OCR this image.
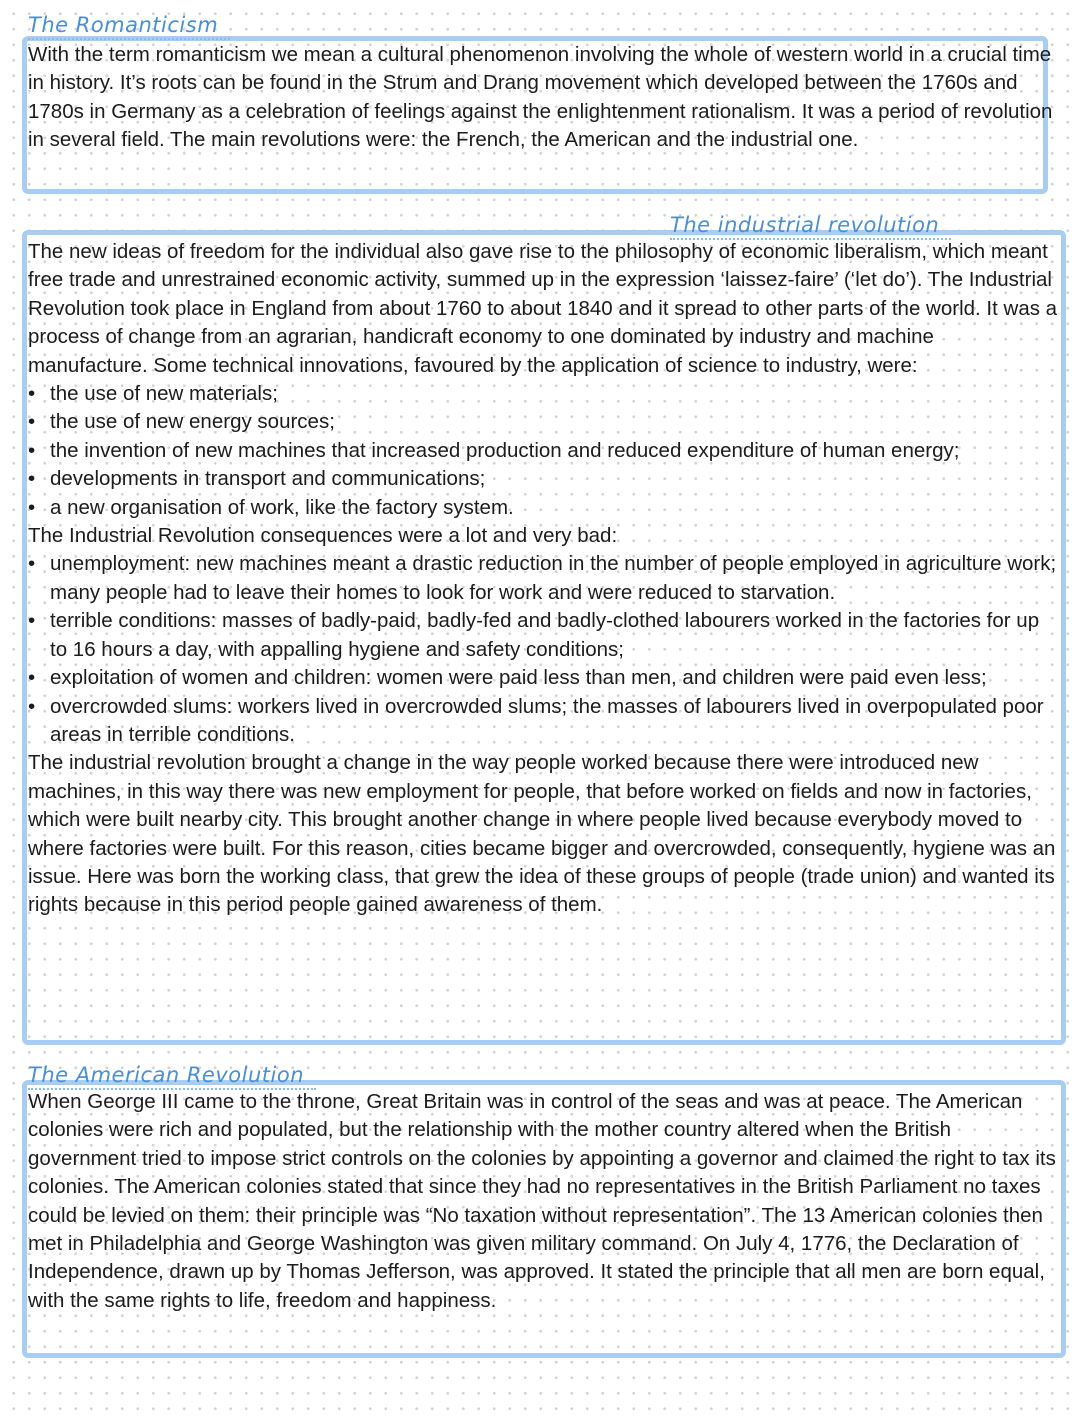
The Romanticism

With the term romanticism we mean a cultural phenomenon involving the whole of western world in a crucial time in history. It’s roots can be found in the Strum and Drang movement which developed between the 1760s and 1780s in Germany as a celebration of feelings against the enlightenment rationalism. It was a period of revolution in several field. The main revolutions were: the French, the American and the industrial one.

The industrial revolution

The new ideas of freedom for the individual also gave rise to the philosophy of economic liberalism, which meant free trade and unrestrained economic activity, summed up in the expression ‘laissez-faire’ (‘let do’). The Industrial Revolution took place in England from about 1760 to about 1840 and it spread to other parts of the world. It was a process of change from an agrarian, handicraft economy to one dominated by industry and machine manufacture. Some technical innovations, favoured by the application of science to industry, were:

• the use of new materials;
• the use of new energy sources;
• the invention of new machines that increased production and reduced expenditure of human energy;
• developments in transport and communications;
• a new organisation of work, like the factory system.

The Industrial Revolution consequences were a lot and very bad:

• unemployment: new machines meant a drastic reduction in the number of people employed in agriculture work; many people had to leave their homes to look for work and were reduced to starvation.
• terrible conditions: masses of badly-paid, badly-fed and badly-clothed labourers worked in the factories for up to 16 hours a day, with appalling hygiene and safety conditions;
• exploitation of women and children: women were paid less than men, and children were paid even less;
• overcrowded slums: workers lived in overcrowded slums; the masses of labourers lived in overpopulated poor areas in terrible conditions.

The industrial revolution brought a change in the way people worked because there were introduced new machines, in this way there was new employment for people, that before worked on fields and now in factories, which were built nearby city. This brought another change in where people lived because everybody moved to where factories were built. For this reason, cities became bigger and overcrowded, consequently, hygiene was an issue. Here was born the working class, that grew the idea of these groups of people (trade union) and wanted its rights because in this period people gained awareness of them.

The American Revolution

When George III came to the throne, Great Britain was in control of the seas and was at peace. The American colonies were rich and populated, but the relationship with the mother country altered when the British government tried to impose strict controls on the colonies by appointing a governor and claimed the right to tax its colonies. The American colonies stated that since they had no representatives in the British Parliament no taxes could be levied on them: their principle was “No taxation without representation”. The 13 American colonies then met in Philadelphia and George Washington was given military command. On July 4, 1776, the Declaration of Independence, drawn up by Thomas Jefferson, was approved. It stated the principle that all men are born equal, with the same rights to life, freedom and happiness.
